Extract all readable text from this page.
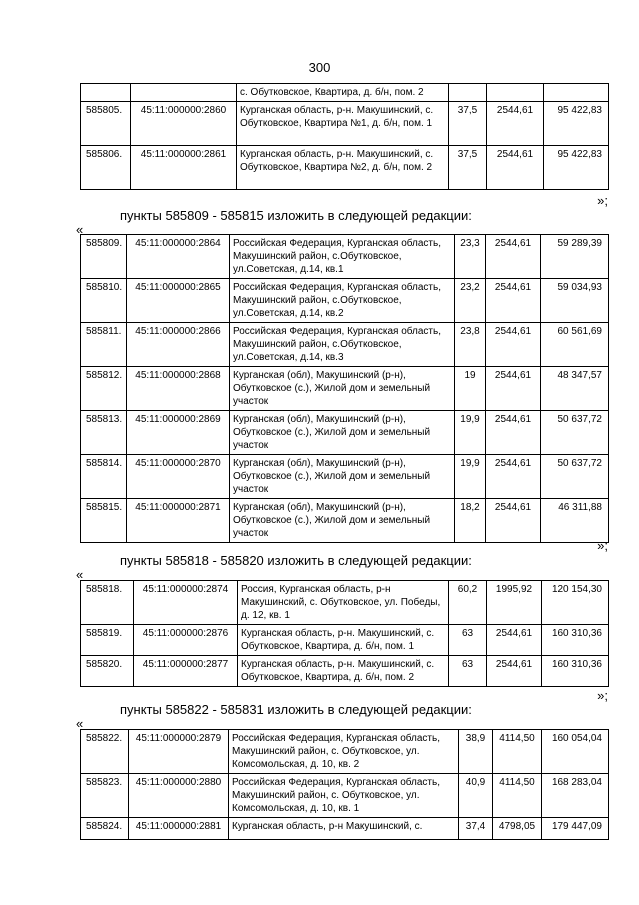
300
		с. Обутковское, Квартира, д. б/н, пом. 2			
585805.	45:11:000000:2860	Курганская область, р-н. Макушинский, с. Обутковское, Квартира №1, д. б/н, пом. 1	37,5	2544,61	95 422,83
585806.	45:11:000000:2861	Курганская область, р-н. Макушинский, с. Обутковское, Квартира №2, д. б/н, пом. 2	37,5	2544,61	95 422,83
»;
пункты 585809 - 585815 изложить в следующей редакции:
«
585809.	45:11:000000:2864	Российская Федерация, Курганская область, Макушинский район, с.Обутковское, ул.Советская, д.14, кв.1	23,3	2544,61	59 289,39
585810.	45:11:000000:2865	Российская Федерация, Курганская область, Макушинский район, с.Обутковское, ул.Советская, д.14, кв.2	23,2	2544,61	59 034,93
585811.	45:11:000000:2866	Российская Федерация, Курганская область, Макушинский район, с.Обутковское, ул.Советская, д.14, кв.3	23,8	2544,61	60 561,69
585812.	45:11:000000:2868	Курганская (обл), Макушинский (р-н), Обутковское (с.), Жилой дом и земельный участок	19	2544,61	48 347,57
585813.	45:11:000000:2869	Курганская (обл), Макушинский (р-н), Обутковское (с.), Жилой дом и земельный участок	19,9	2544,61	50 637,72
585814.	45:11:000000:2870	Курганская (обл), Макушинский (р-н), Обутковское (с.), Жилой дом и земельный участок	19,9	2544,61	50 637,72
585815.	45:11:000000:2871	Курганская (обл), Макушинский (р-н), Обутковское (с.), Жилой дом и земельный участок	18,2	2544,61	46 311,88
»;
пункты 585818 - 585820 изложить в следующей редакции:
«
585818.	45:11:000000:2874	Россия, Курганская область, р-н Макушинский, с. Обутковское, ул. Победы, д. 12, кв. 1	60,2	1995,92	120 154,30
585819.	45:11:000000:2876	Курганская область, р-н. Макушинский, с. Обутковское, Квартира, д. б/н, пом. 1	63	2544,61	160 310,36
585820.	45:11:000000:2877	Курганская область, р-н. Макушинский, с. Обутковское, Квартира, д. б/н, пом. 2	63	2544,61	160 310,36
»;
пункты 585822 - 585831 изложить в следующей редакции:
«
585822.	45:11:000000:2879	Российская Федерация, Курганская область, Макушинский район, с. Обутковское, ул. Комсомольская, д. 10, кв. 2	38,9	4114,50	160 054,04
585823.	45:11:000000:2880	Российская Федерация, Курганская область, Макушинский район, с. Обутковское, ул. Комсомольская, д. 10, кв. 1	40,9	4114,50	168 283,04
585824.	45:11:000000:2881	Курганская область, р-н Макушинский, с.	37,4	4798,05	179 447,09
